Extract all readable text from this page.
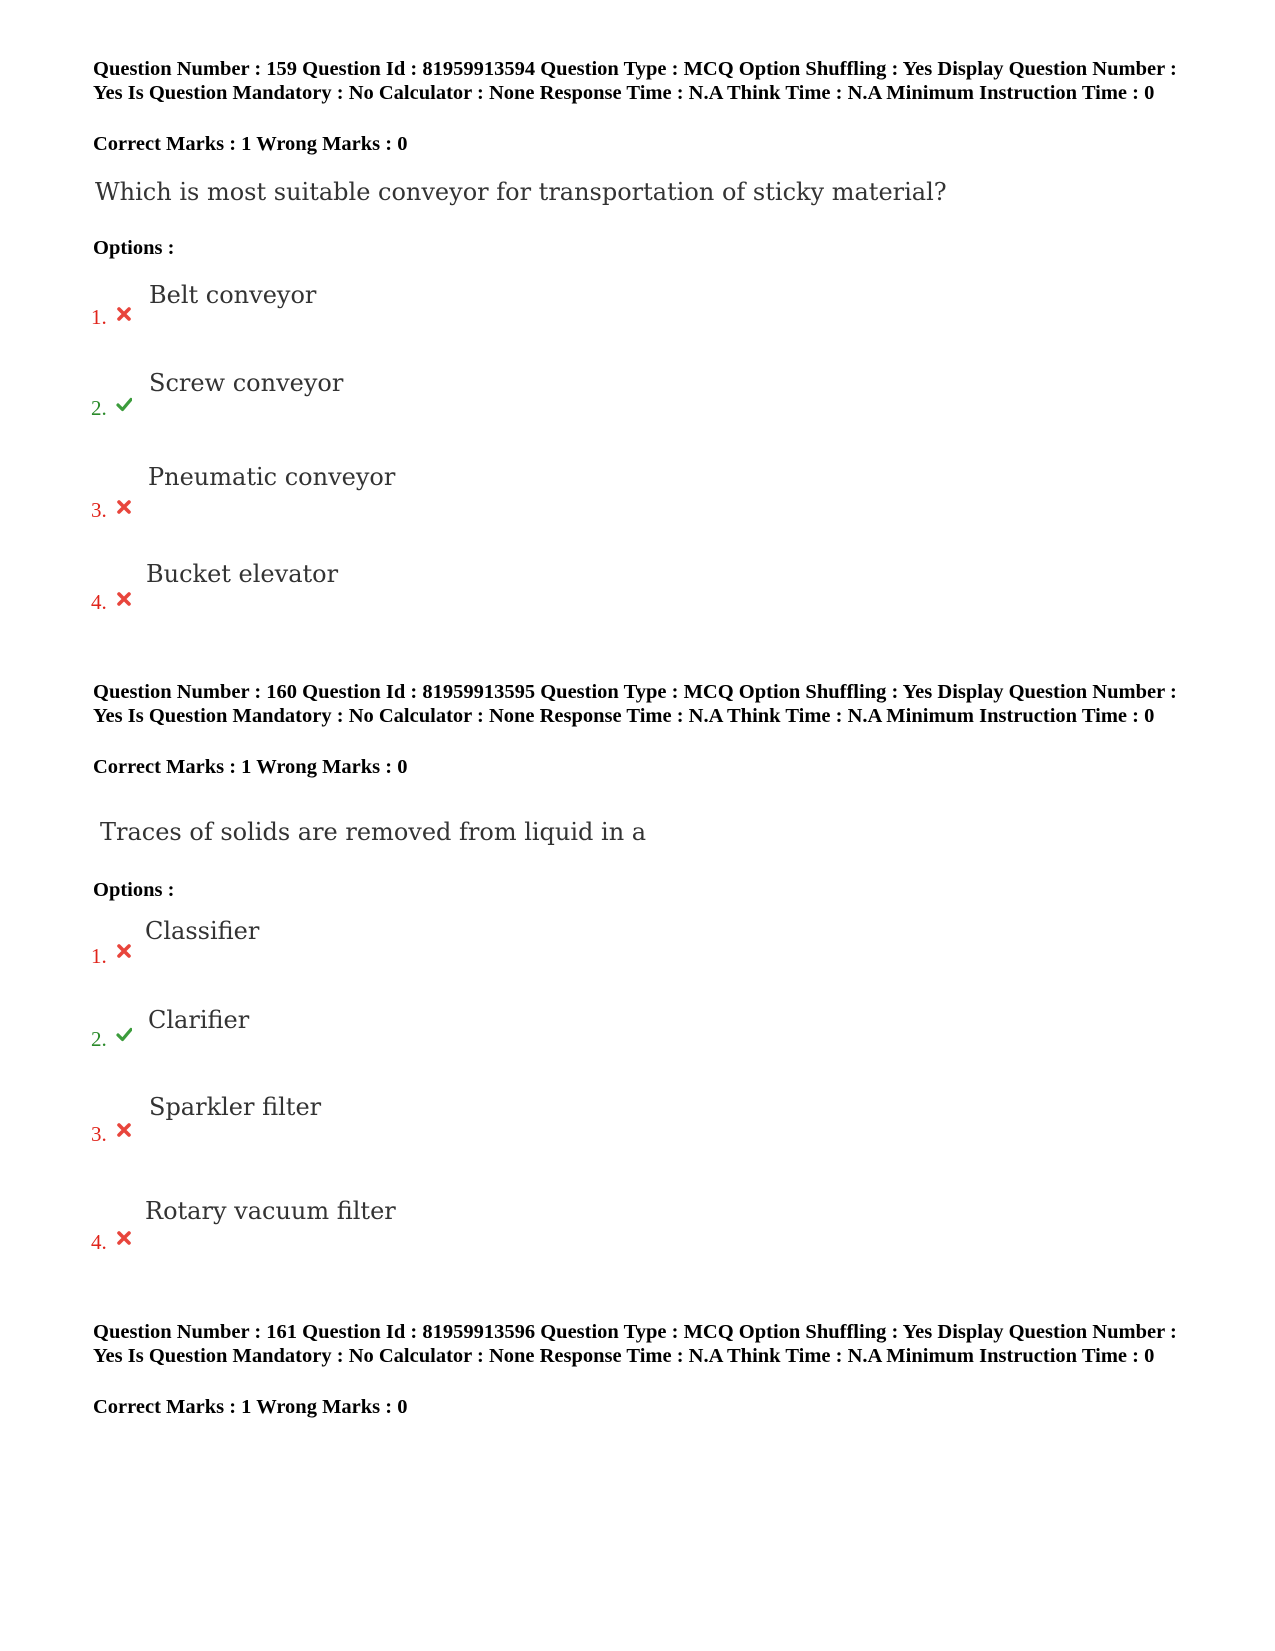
Question Number : 159 Question Id : 81959913594 Question Type : MCQ Option Shuffling : Yes Display Question Number : Yes Is Question Mandatory : No Calculator : None Response Time : N.A Think Time : N.A Minimum Instruction Time : 0

Correct Marks : 1 Wrong Marks : 0

Which is most suitable conveyor for transportation of sticky material?

Options :

1.
Belt conveyor
2.
Screw conveyor
3.
Pneumatic conveyor
4.
Bucket elevator

Question Number : 160 Question Id : 81959913595 Question Type : MCQ Option Shuffling : Yes Display Question Number : Yes Is Question Mandatory : No Calculator : None Response Time : N.A Think Time : N.A Minimum Instruction Time : 0

Correct Marks : 1 Wrong Marks : 0

Traces of solids are removed from liquid in a

Options :

1.
Classifier
2.
Clarifier
3.
Sparkler filter
4.
Rotary vacuum filter

Question Number : 161 Question Id : 81959913596 Question Type : MCQ Option Shuffling : Yes Display Question Number : Yes Is Question Mandatory : No Calculator : None Response Time : N.A Think Time : N.A Minimum Instruction Time : 0

Correct Marks : 1 Wrong Marks : 0
